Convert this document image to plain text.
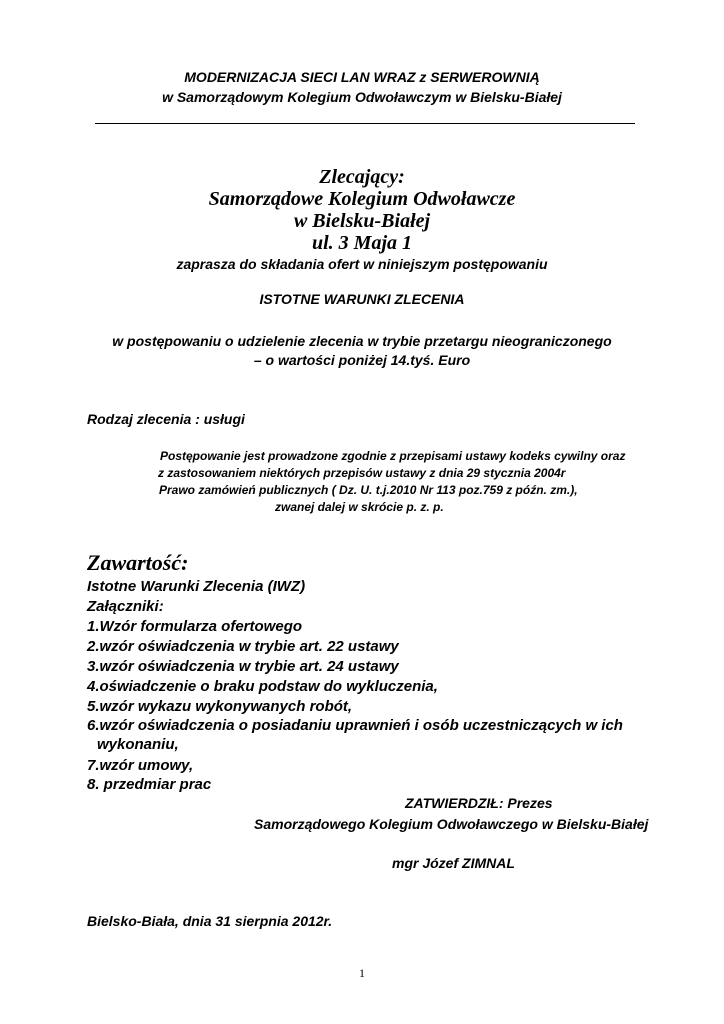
MODERNIZACJA SIECI LAN WRAZ z SERWEROWNIĄ
w Samorządowym Kolegium Odwoławczym w Bielsku-Białej
Zlecający:
Samorządowe Kolegium Odwoławcze
w Bielsku-Białej
ul. 3 Maja 1
zaprasza do składania ofert w niniejszym postępowaniu
ISTOTNE WARUNKI ZLECENIA
w postępowaniu o udzielenie zlecenia w trybie przetargu nieograniczonego
– o wartości poniżej 14.tyś. Euro
Rodzaj zlecenia : usługi
Postępowanie jest prowadzone zgodnie z przepisami ustawy kodeks cywilny oraz
z zastosowaniem niektórych przepisów ustawy z dnia 29 stycznia 2004r
Prawo zamówień publicznych ( Dz. U. t.j.2010 Nr 113 poz.759 z późn. zm.),
zwanej dalej w skrócie p. z. p.
Zawartość:
Istotne Warunki Zlecenia (IWZ)
Załączniki:
1.Wzór formularza ofertowego
2.wzór oświadczenia w trybie art. 22 ustawy
3.wzór oświadczenia w trybie art. 24 ustawy
4.oświadczenie o braku podstaw do wykluczenia,
5.wzór wykazu wykonywanych robót,
6.wzór oświadczenia o posiadaniu uprawnień i osób uczestniczących w ich
wykonaniu,
7.wzór umowy,
8. przedmiar prac
ZATWIERDZIŁ: Prezes
Samorządowego Kolegium Odwoławczego w Bielsku-Białej
mgr Józef ZIMNAL
Bielsko-Biała, dnia 31 sierpnia 2012r.
1
